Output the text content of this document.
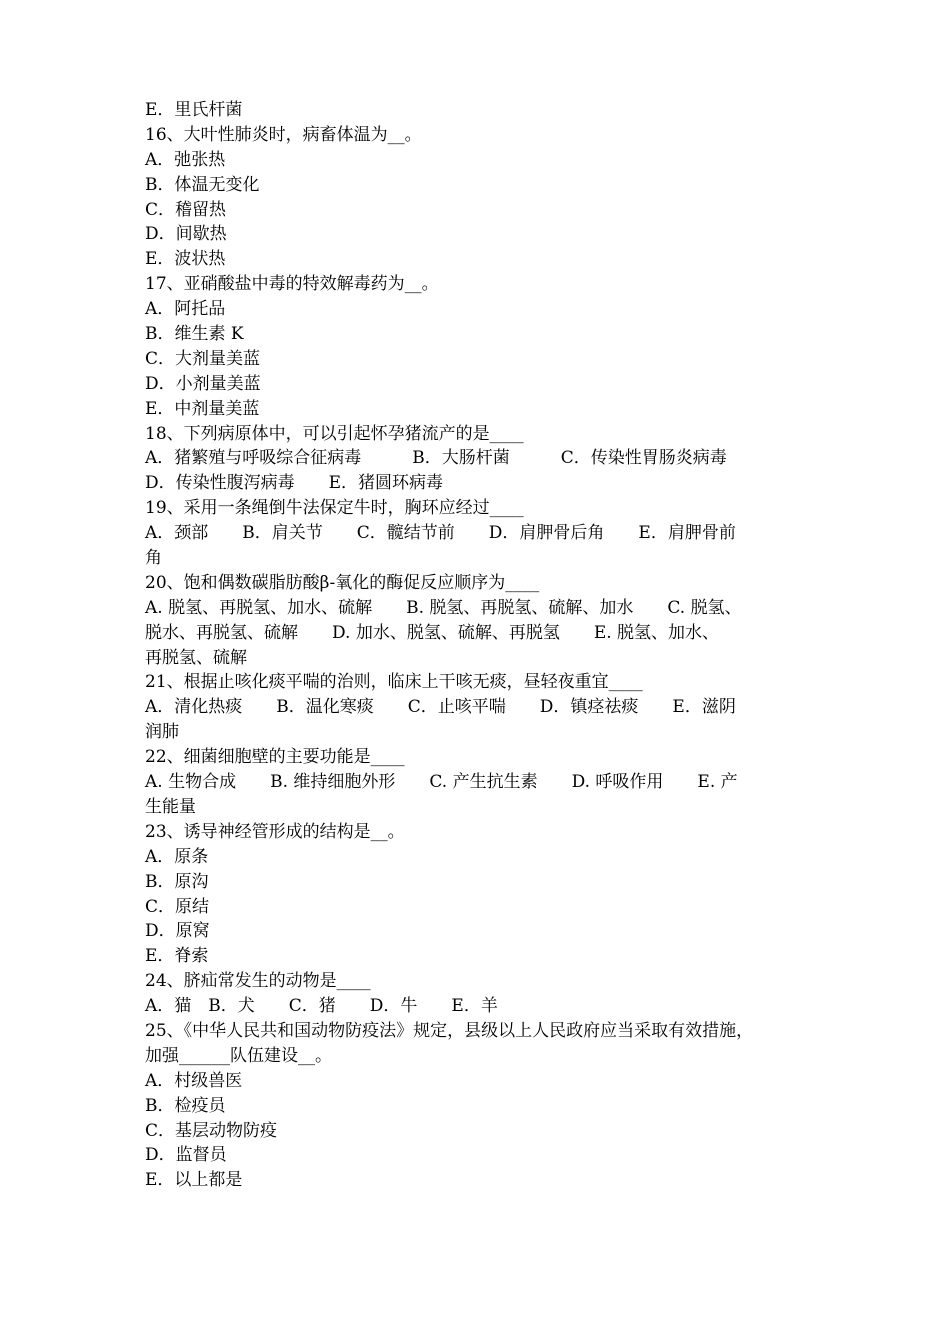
E．里氏杆菌
16、大叶性肺炎时，病畜体温为__。
A．弛张热
B．体温无变化
C．稽留热
D．间歇热
E．波状热
17、亚硝酸盐中毒的特效解毒药为__。
A．阿托品
B．维生素 K
C．大剂量美蓝
D．小剂量美蓝
E．中剂量美蓝
18、下列病原体中，可以引起怀孕猪流产的是____
A．猪繁殖与呼吸综合征病毒　　　B．大肠杆菌　　　C．传染性胃肠炎病毒
D．传染性腹泻病毒　　E．猪圆环病毒
19、采用一条绳倒牛法保定牛时，胸环应经过____
A．颈部　　B．肩关节　　C．髋结节前　　D．肩胛骨后角　　E．肩胛骨前
角
20、饱和偶数碳脂肪酸β-氧化的酶促反应顺序为____
A. 脱氢、再脱氢、加水、硫解　　B. 脱氢、再脱氢、硫解、加水　　C. 脱氢、
脱水、再脱氢、硫解　　D. 加水、脱氢、硫解、再脱氢　　E. 脱氢、加水、
再脱氢、硫解
21、根据止咳化痰平喘的治则，临床上干咳无痰，昼轻夜重宜____
A．清化热痰　　B．温化寒痰　　C．止咳平喘　　D．镇痉祛痰　　E．滋阴
润肺
22、细菌细胞壁的主要功能是____
A. 生物合成　　B. 维持细胞外形　　C. 产生抗生素　　D. 呼吸作用　　E. 产
生能量
23、诱导神经管形成的结构是__。
A．原条
B．原沟
C．原结
D．原窝
E．脊索
24、脐疝常发生的动物是____
A．猫　B．犬　　C．猪　　D．牛　　E．羊
25、《中华人民共和国动物防疫法》规定，县级以上人民政府应当采取有效措施，
加强______队伍建设__。
A．村级兽医
B．检疫员
C．基层动物防疫
D．监督员
E．以上都是
